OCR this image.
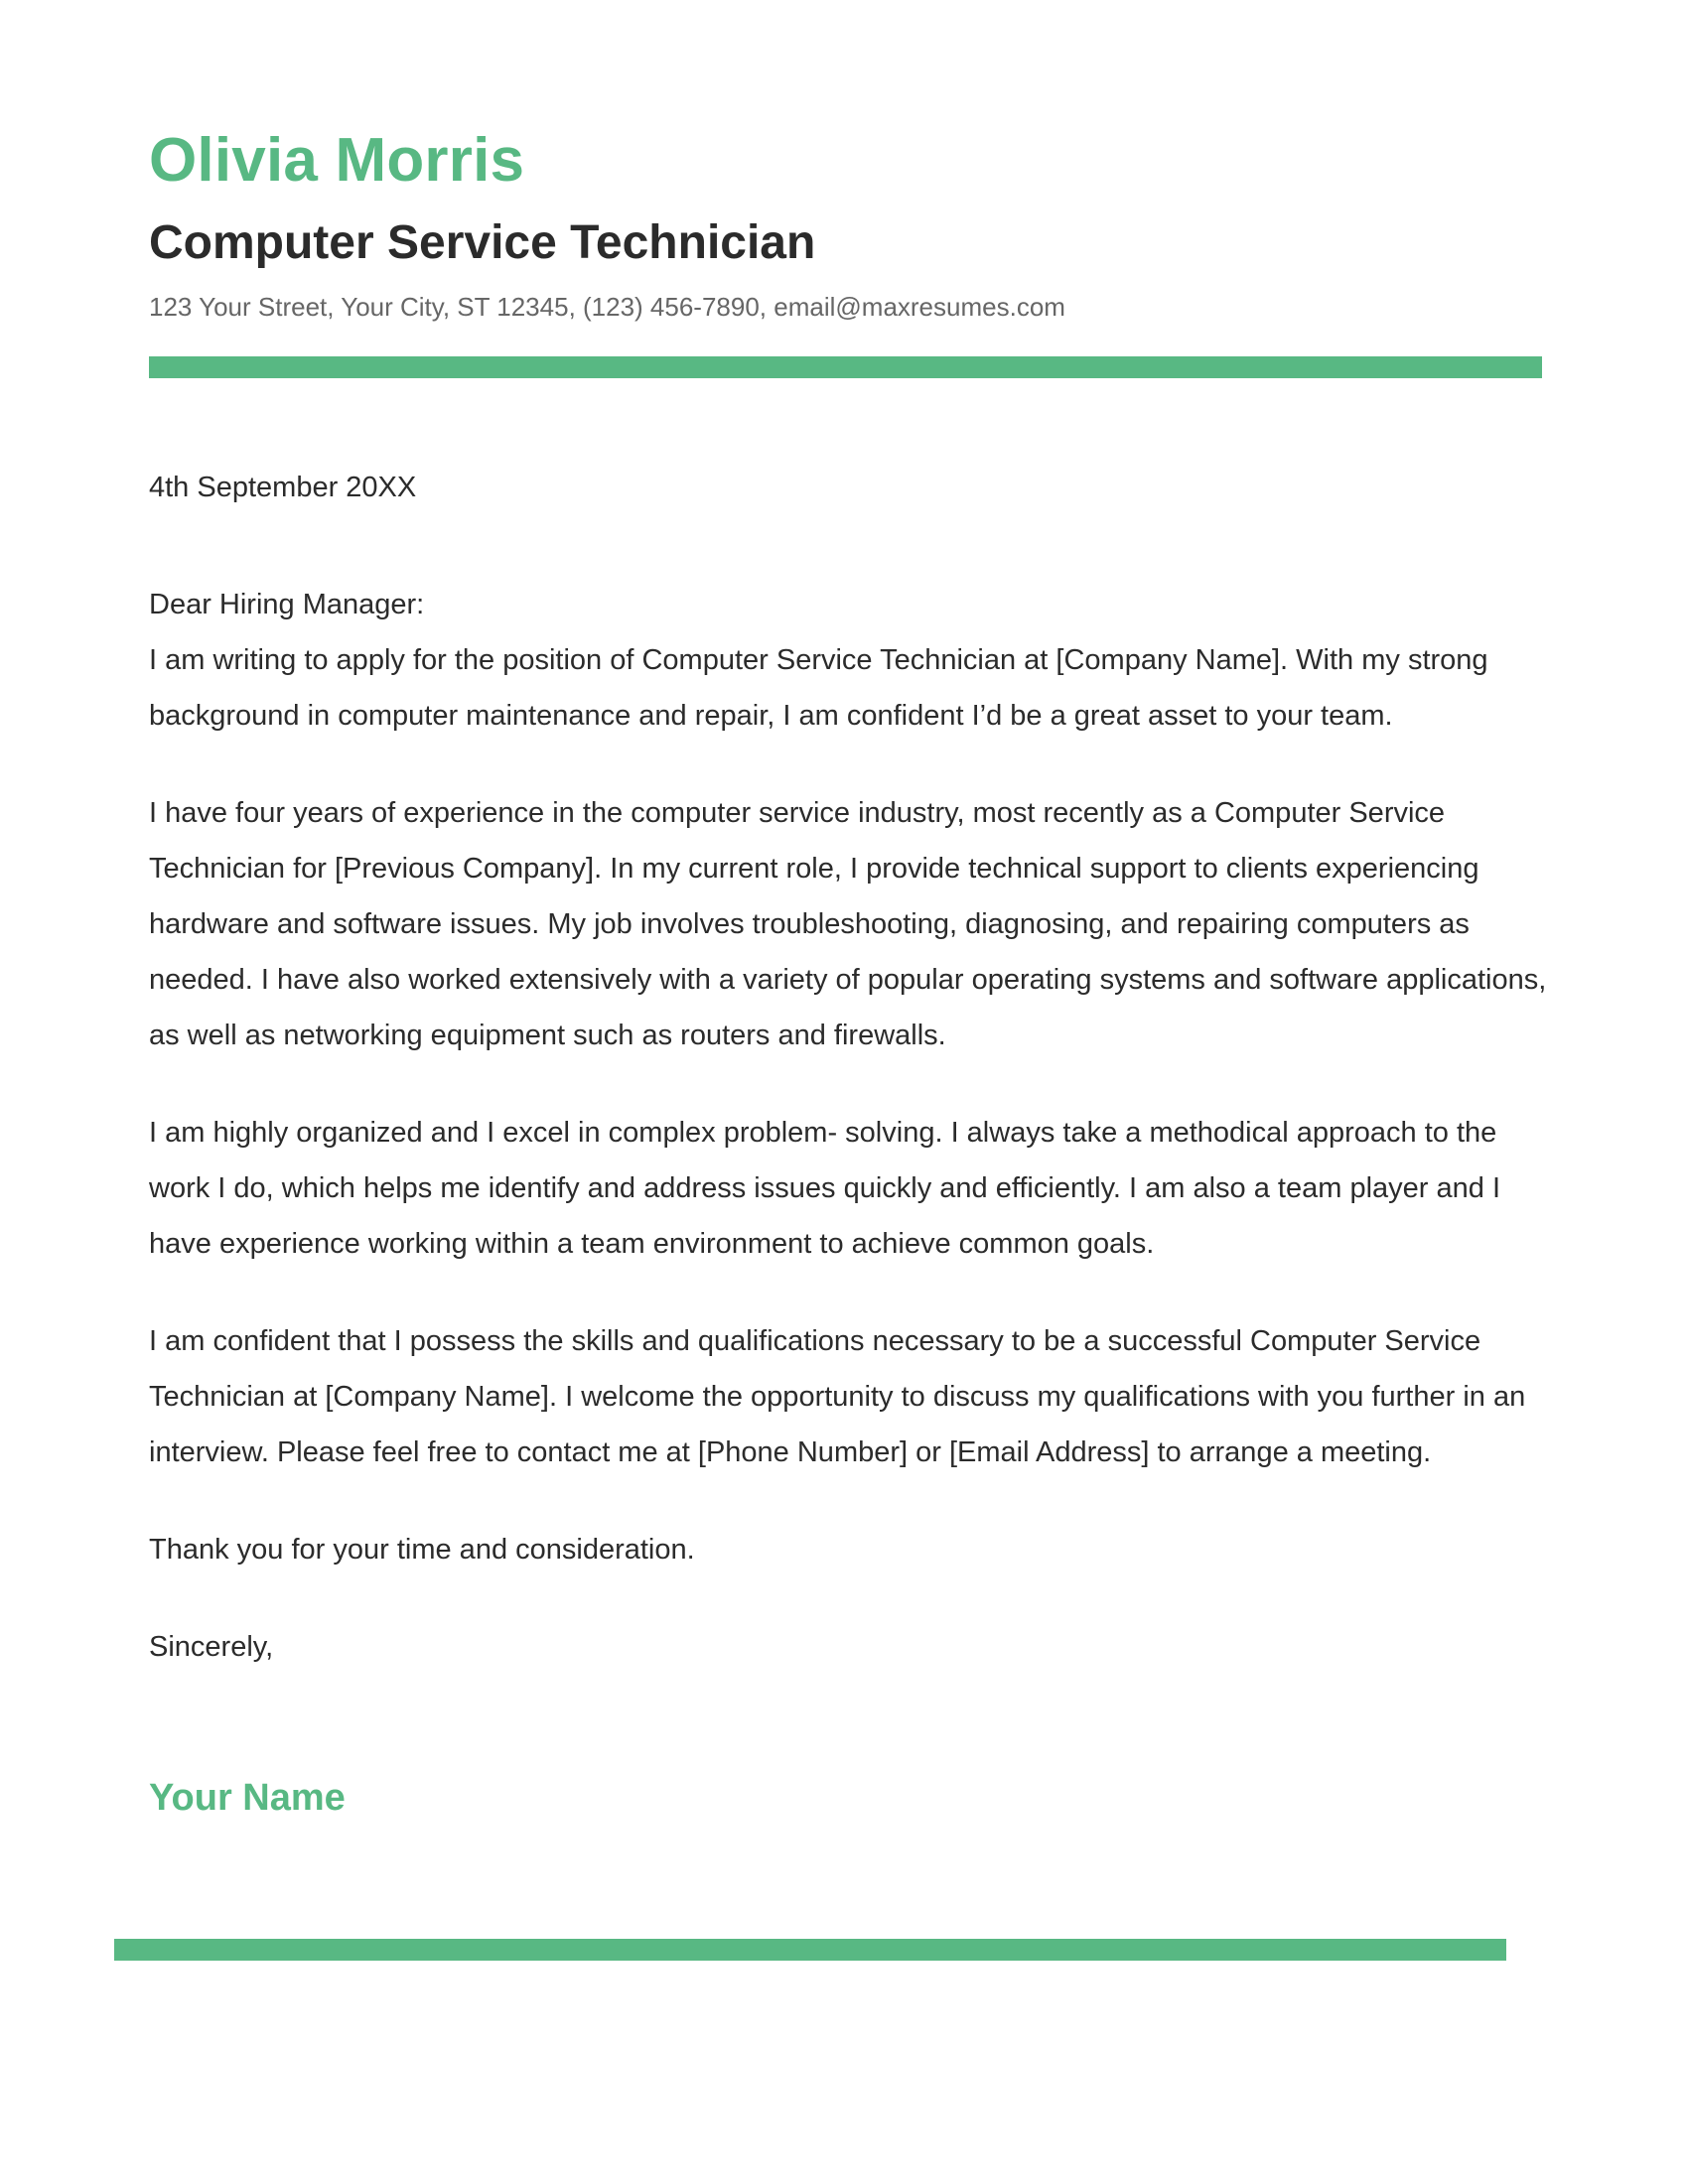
Olivia Morris
Computer Service Technician

123 Your Street, Your City, ST 12345, (123) 456-7890, email@maxresumes.com

4th September 20XX

Dear Hiring Manager:

I am writing to apply for the position of Computer Service Technician at [Company Name]. With my strong background in computer maintenance and repair, I am confident I’d be a great asset to your team.

I have four years of experience in the computer service industry, most recently as a Computer Service Technician for [Previous Company]. In my current role, I provide technical support to clients experiencing hardware and software issues. My job involves troubleshooting, diagnosing, and repairing computers as needed. I have also worked extensively with a variety of popular operating systems and software applications, as well as networking equipment such as routers and firewalls.

I am highly organized and I excel in complex problem- solving. I always take a methodical approach to the work I do, which helps me identify and address issues quickly and efficiently. I am also a team player and I have experience working within a team environment to achieve common goals.

I am confident that I possess the skills and qualifications necessary to be a successful Computer Service Technician at [Company Name]. I welcome the opportunity to discuss my qualifications with you further in an interview. Please feel free to contact me at [Phone Number] or [Email Address] to arrange a meeting.

Thank you for your time and consideration.

Sincerely,

Your Name
